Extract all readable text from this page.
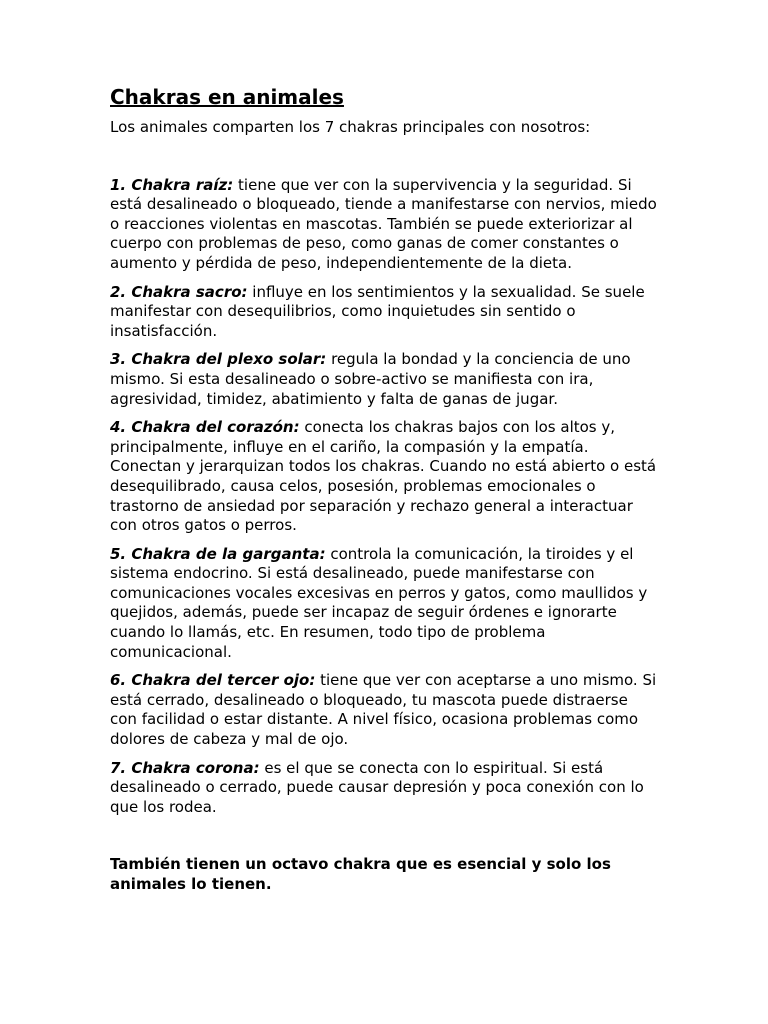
Chakras en animales

Los animales comparten los 7 chakras principales con nosotros:

1. Chakra raíz: tiene que ver con la supervivencia y la seguridad. Si está desalineado o bloqueado, tiende a manifestarse con nervios, miedo o reacciones violentas en mascotas. También se puede exteriorizar al cuerpo con problemas de peso, como ganas de comer constantes o aumento y pérdida de peso, independientemente de la dieta.
2. Chakra sacro: influye en los sentimientos y la sexualidad. Se suele manifestar con desequilibrios, como inquietudes sin sentido o insatisfacción.
3. Chakra del plexo solar: regula la bondad y la conciencia de uno mismo. Si esta desalineado o sobre-activo se manifiesta con ira, agresividad, timidez, abatimiento y falta de ganas de jugar.
4. Chakra del corazón: conecta los chakras bajos con los altos y, principalmente, influye en el cariño, la compasión y la empatía. Conectan y jerarquizan todos los chakras. Cuando no está abierto o está desequilibrado, causa celos, posesión, problemas emocionales o trastorno de ansiedad por separación y rechazo general a interactuar con otros gatos o perros.
5. Chakra de la garganta: controla la comunicación, la tiroides y el sistema endocrino. Si está desalineado, puede manifestarse con comunicaciones vocales excesivas en perros y gatos, como maullidos y quejidos, además, puede ser incapaz de seguir órdenes e ignorarte cuando lo llamás, etc. En resumen, todo tipo de problema comunicacional.
6. Chakra del tercer ojo: tiene que ver con aceptarse a uno mismo. Si está cerrado, desalineado o bloqueado, tu mascota puede distraerse con facilidad o estar distante. A nivel físico, ocasiona problemas como dolores de cabeza y mal de ojo.
7. Chakra corona: es el que se conecta con lo espiritual. Si está desalineado o cerrado, puede causar depresión y poca conexión con lo que los rodea.

También tienen un octavo chakra que es esencial y solo los animales lo tienen.
